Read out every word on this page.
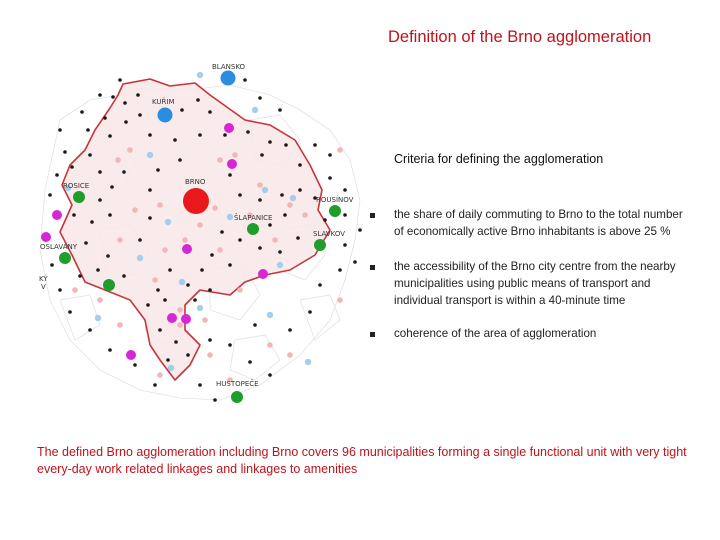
Definition of the Brno agglomeration
BLANSKO
KUŘIM
BRNO
ROSICE
ROUSÍNOV
ŠLAPANICE
SLAVKOV
OSLAVANY
KÝ
V
HUSTOPEČE
Criteria for defining the agglomeration
the share of daily commuting to Brno to the total number of economically active Brno inhabitants is above 25 %
the accessibility of the Brno city centre from the nearby municipalities using public means of transport and individual transport is within a 40-minute time
coherence of the area of agglomeration
The defined Brno agglomeration including Brno covers 96 municipalities forming a single functional unit with very tight every-day work related linkages and linkages to amenities
